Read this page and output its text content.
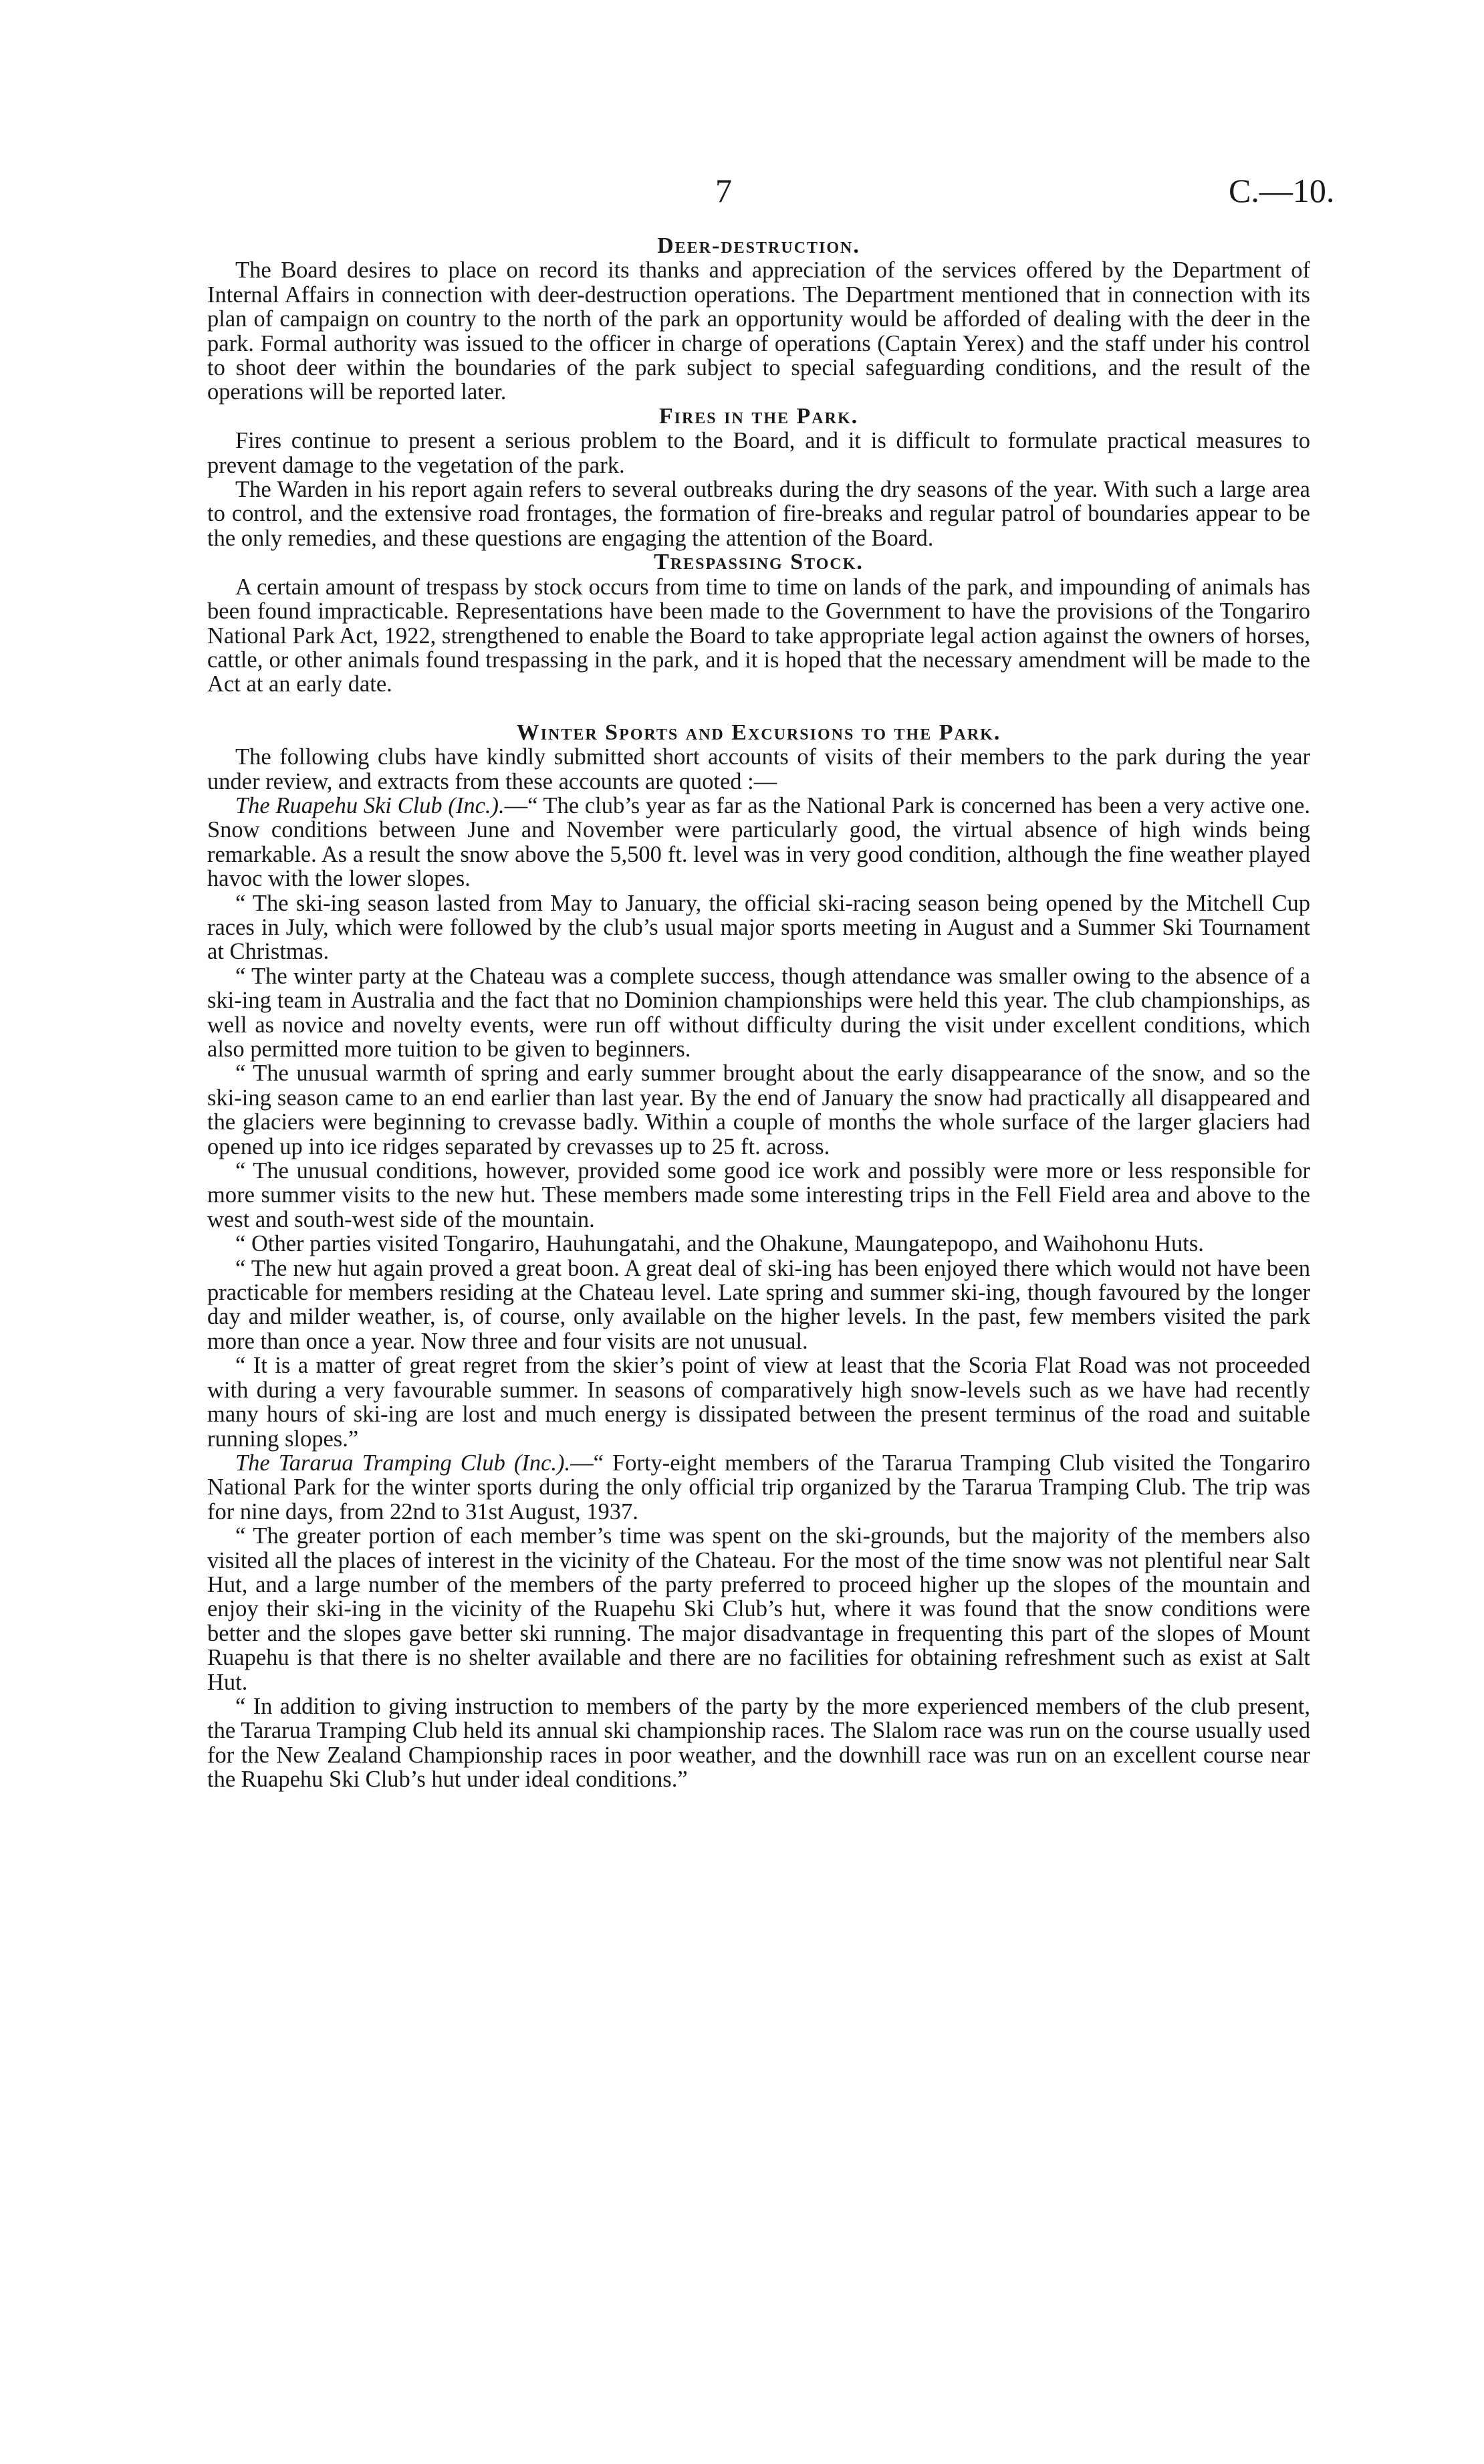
7	C.—10.
Deer-destruction.

The Board desires to place on record its thanks and appreciation of the services offered by the Department of Internal Affairs in connection with deer-destruction operations. The Department mentioned that in connection with its plan of campaign on country to the north of the park an opportunity would be afforded of dealing with the deer in the park. Formal authority was issued to the officer in charge of operations (Captain Yerex) and the staff under his control to shoot deer within the boundaries of the park subject to special safeguarding conditions, and the result of the operations will be reported later.

Fires in the Park.

Fires continue to present a serious problem to the Board, and it is difficult to formulate practical measures to prevent damage to the vegetation of the park.

The Warden in his report again refers to several outbreaks during the dry seasons of the year. With such a large area to control, and the extensive road frontages, the formation of fire-breaks and regular patrol of boundaries appear to be the only remedies, and these questions are engaging the attention of the Board.

Trespassing Stock.

A certain amount of trespass by stock occurs from time to time on lands of the park, and impounding of animals has been found impracticable. Representations have been made to the Government to have the provisions of the Tongariro National Park Act, 1922, strengthened to enable the Board to take appropriate legal action against the owners of horses, cattle, or other animals found trespassing in the park, and it is hoped that the necessary amendment will be made to the Act at an early date.

Winter Sports and Excursions to the Park.

The following clubs have kindly submitted short accounts of visits of their members to the park during the year under review, and extracts from these accounts are quoted :—

The Ruapehu Ski Club (Inc.).—“ The club’s year as far as the National Park is concerned has been a very active one. Snow conditions between June and November were particularly good, the virtual absence of high winds being remarkable. As a result the snow above the 5,500 ft. level was in very good condition, although the fine weather played havoc with the lower slopes.

“ The ski-ing season lasted from May to January, the official ski-racing season being opened by the Mitchell Cup races in July, which were followed by the club’s usual major sports meeting in August and a Summer Ski Tournament at Christmas.

“ The winter party at the Chateau was a complete success, though attendance was smaller owing to the absence of a ski-ing team in Australia and the fact that no Dominion championships were held this year. The club championships, as well as novice and novelty events, were run off without difficulty during the visit under excellent conditions, which also permitted more tuition to be given to beginners.

“ The unusual warmth of spring and early summer brought about the early disappearance of the snow, and so the ski-ing season came to an end earlier than last year. By the end of January the snow had practically all disappeared and the glaciers were beginning to crevasse badly. Within a couple of months the whole surface of the larger glaciers had opened up into ice ridges separated by crevasses up to 25 ft. across.

“ The unusual conditions, however, provided some good ice work and possibly were more or less responsible for more summer visits to the new hut. These members made some interesting trips in the Fell Field area and above to the west and south-west side of the mountain.

“ Other parties visited Tongariro, Hauhungatahi, and the Ohakune, Maungatepopo, and Waihohonu Huts.

“ The new hut again proved a great boon. A great deal of ski-ing has been enjoyed there which would not have been practicable for members residing at the Chateau level. Late spring and summer ski-ing, though favoured by the longer day and milder weather, is, of course, only available on the higher levels. In the past, few members visited the park more than once a year. Now three and four visits are not unusual.

“ It is a matter of great regret from the skier’s point of view at least that the Scoria Flat Road was not proceeded with during a very favourable summer. In seasons of comparatively high snow-levels such as we have had recently many hours of ski-ing are lost and much energy is dissipated between the present terminus of the road and suitable running slopes.”

The Tararua Tramping Club (Inc.).—“ Forty-eight members of the Tararua Tramping Club visited the Tongariro National Park for the winter sports during the only official trip organized by the Tararua Tramping Club. The trip was for nine days, from 22nd to 31st August, 1937.

“ The greater portion of each member’s time was spent on the ski-grounds, but the majority of the members also visited all the places of interest in the vicinity of the Chateau. For the most of the time snow was not plentiful near Salt Hut, and a large number of the members of the party preferred to proceed higher up the slopes of the mountain and enjoy their ski-ing in the vicinity of the Ruapehu Ski Club’s hut, where it was found that the snow conditions were better and the slopes gave better ski running. The major disadvantage in frequenting this part of the slopes of Mount Ruapehu is that there is no shelter available and there are no facilities for obtaining refreshment such as exist at Salt Hut.

“ In addition to giving instruction to members of the party by the more experienced members of the club present, the Tararua Tramping Club held its annual ski championship races. The Slalom race was run on the course usually used for the New Zealand Championship races in poor weather, and the downhill race was run on an excellent course near the Ruapehu Ski Club’s hut under ideal conditions.”
